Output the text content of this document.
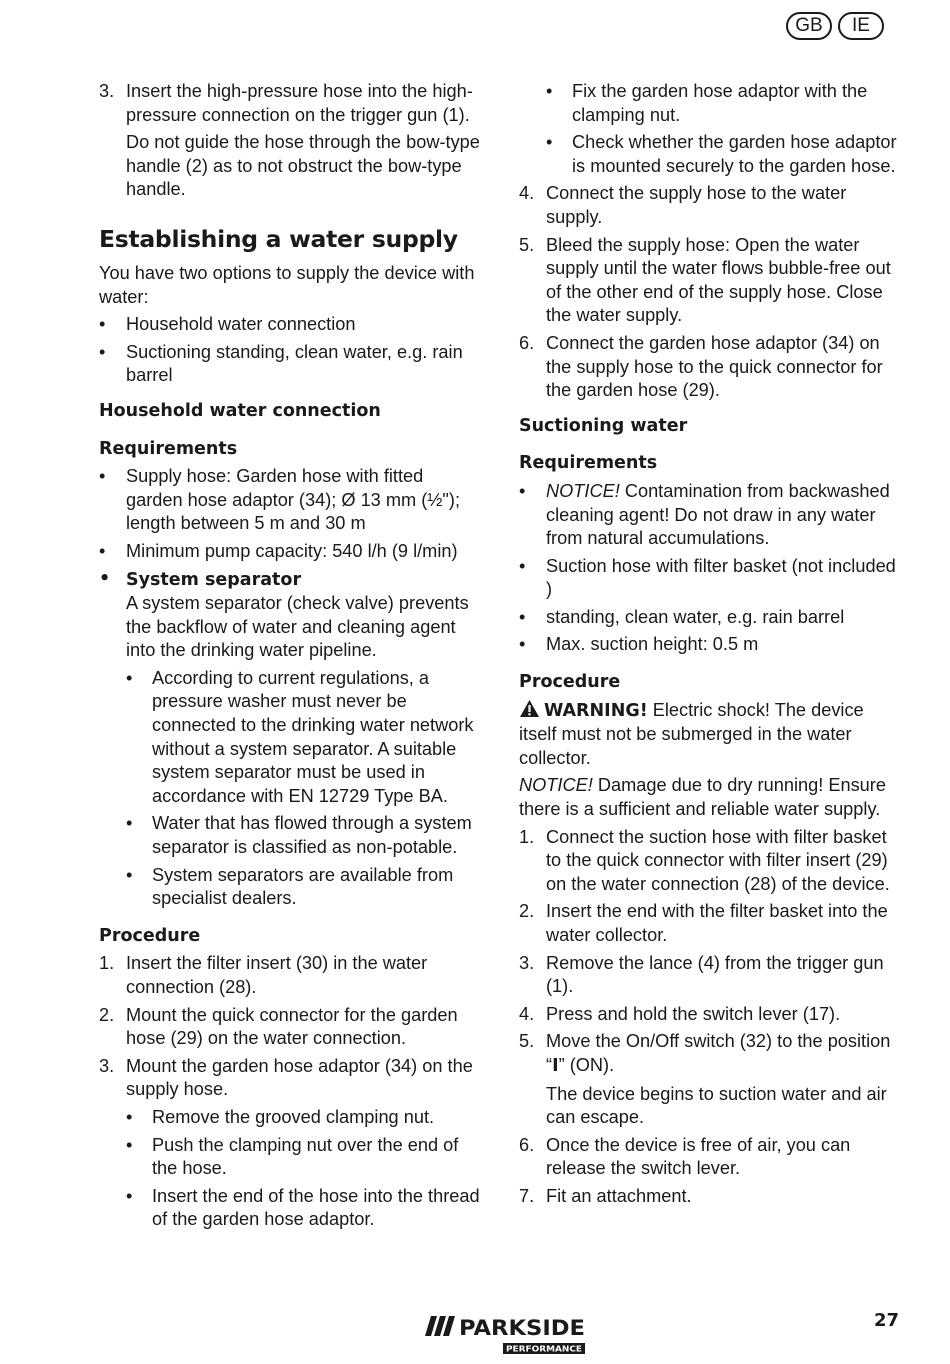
GB	IE
3. Insert the high-pressure hose into the high-pressure connection on the trigger gun (1).

Do not guide the hose through the bow-type handle (2) as to not obstruct the bow-type handle.

Establishing a water supply

You have two options to supply the device with water:

• Household water connection
• Suctioning standing, clean water, e.g. rain barrel
Household water connection
Requirements
• Supply hose: Garden hose with fitted garden hose adaptor (34); Ø 13 mm (½"); length between 5 m and 30 m
• Minimum pump capacity: 540 l/h (9 l/min)
• System separator

A system separator (check valve) prevents the backflow of water and cleaning agent into the drinking water pipeline.

• According to current regulations, a pressure washer must never be connected to the drinking water network without a system separator. A suitable system separator must be used in accordance with EN 12729 Type BA.
• Water that has flowed through a system separator is classified as non-potable.
• System separators are available from specialist dealers.
Procedure
1. Insert the filter insert (30) in the water connection (28).
2. Mount the quick connector for the garden hose (29) on the water connection.
3. Mount the garden hose adaptor (34) on the supply hose.
• Remove the grooved clamping nut.
• Push the clamping nut over the end of the hose.
• Insert the end of the hose into the thread of the garden hose adaptor.
• Fix the garden hose adaptor with the clamping nut.
• Check whether the garden hose adaptor is mounted securely to the garden hose.
4. Connect the supply hose to the water supply.
5. Bleed the supply hose: Open the water supply until the water flows bubble-free out of the other end of the supply hose. Close the water supply.
6. Connect the garden hose adaptor (34) on the supply hose to the quick connector for the garden hose (29).
Suctioning water
Requirements
• NOTICE! Contamination from backwashed cleaning agent! Do not draw in any water from natural accumulations.
• Suction hose with filter basket (not included )
• standing, clean water, e.g. rain barrel
• Max. suction height: 0.5 m
Procedure

WARNING! Electric shock! The device itself must not be submerged in the water collector.

NOTICE! Damage due to dry running! Ensure there is a sufficient and reliable water supply.

1. Connect the suction hose with filter basket to the quick connector with filter insert (29) on the water connection (28) of the device.
2. Insert the end with the filter basket into the water collector.
3. Remove the lance (4) from the trigger gun (1).
4. Press and hold the switch lever (17).
5. Move the On/Off switch (32) to the position “I” (ON).

The device begins to suction water and air can escape.

6. Once the device is free of air, you can release the switch lever.
7. Fit an attachment.
PARKSIDE
PERFORMANCE
27
